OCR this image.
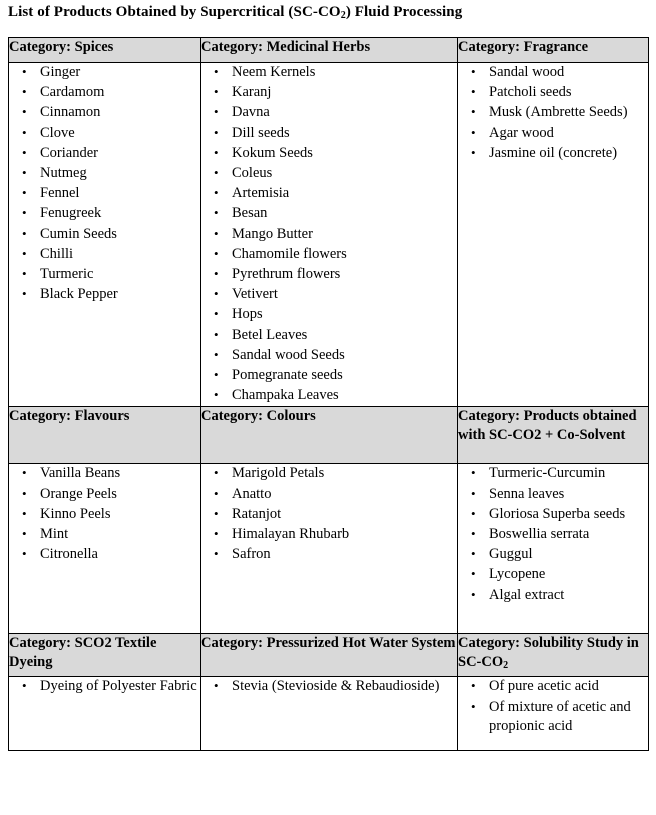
List of Products Obtained by Supercritical $(SC-CO_2)$ Fluid Processing
Category: Spices	Category: Medicinal Herbs	Category: Fragrance

• Ginger
• Cardamom
• Cinnamon
• Clove
• Coriander
• Nutmeg
• Fennel
• Fenugreek
• Cumin Seeds
• Chilli
• Turmeric
• Black Pepper

• Neem Kernels
• Karanj
• Davna
• Dill seeds
• Kokum Seeds
• Coleus
• Artemisia
• Besan
• Mango Butter
• Chamomile flowers
• Pyrethrum flowers
• Vetivert
• Hops
• Betel Leaves
• Sandal wood Seeds
• Pomegranate seeds
• Champaka Leaves

• Sandal wood
• Patcholi seeds
• Musk (Ambrette Seeds)
• Agar wood
• Jasmine oil (concrete)

Category: Flavours	Category: Colours	Category: Products obtained with SC-CO2 + Co-Solvent

• Vanilla Beans
• Orange Peels
• Kinno Peels
• Mint
• Citronella

• Marigold Petals
• Anatto
• Ratanjot
• Himalayan Rhubarb
• Safron

• Turmeric-Curcumin
• Senna leaves
• Gloriosa Superba seeds
• Boswellia serrata
• Guggul
• Lycopene
• Algal extract

Category: SCO2 Textile Dyeing	Category: Pressurized Hot Water System	Category: Solubility Study in $SC-CO_2$

• Dyeing of Polyester Fabric

•Stevia (Stevioside & Rebaudioside)

•Of pure acetic acid
• Of mixture of acetic and propionic acid
